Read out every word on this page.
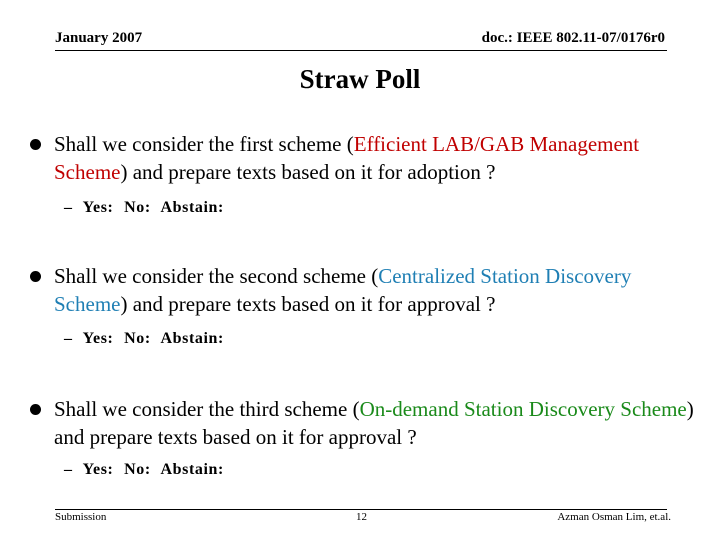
January 2007	doc.: IEEE 802.11-07/0176r0
Straw Poll
Shall we consider the first scheme (Efficient LAB/GAB Management Scheme) and prepare texts based on it for adoption ?
– Yes: No: Abstain:
Shall we consider the second scheme (Centralized Station Discovery Scheme) and prepare texts based on it for approval ?
– Yes: No: Abstain:
Shall we consider the third scheme (On-demand Station Discovery Scheme) and prepare texts based on it for approval ?
– Yes: No: Abstain:
Submission	12	Azman Osman Lim, et.al.
